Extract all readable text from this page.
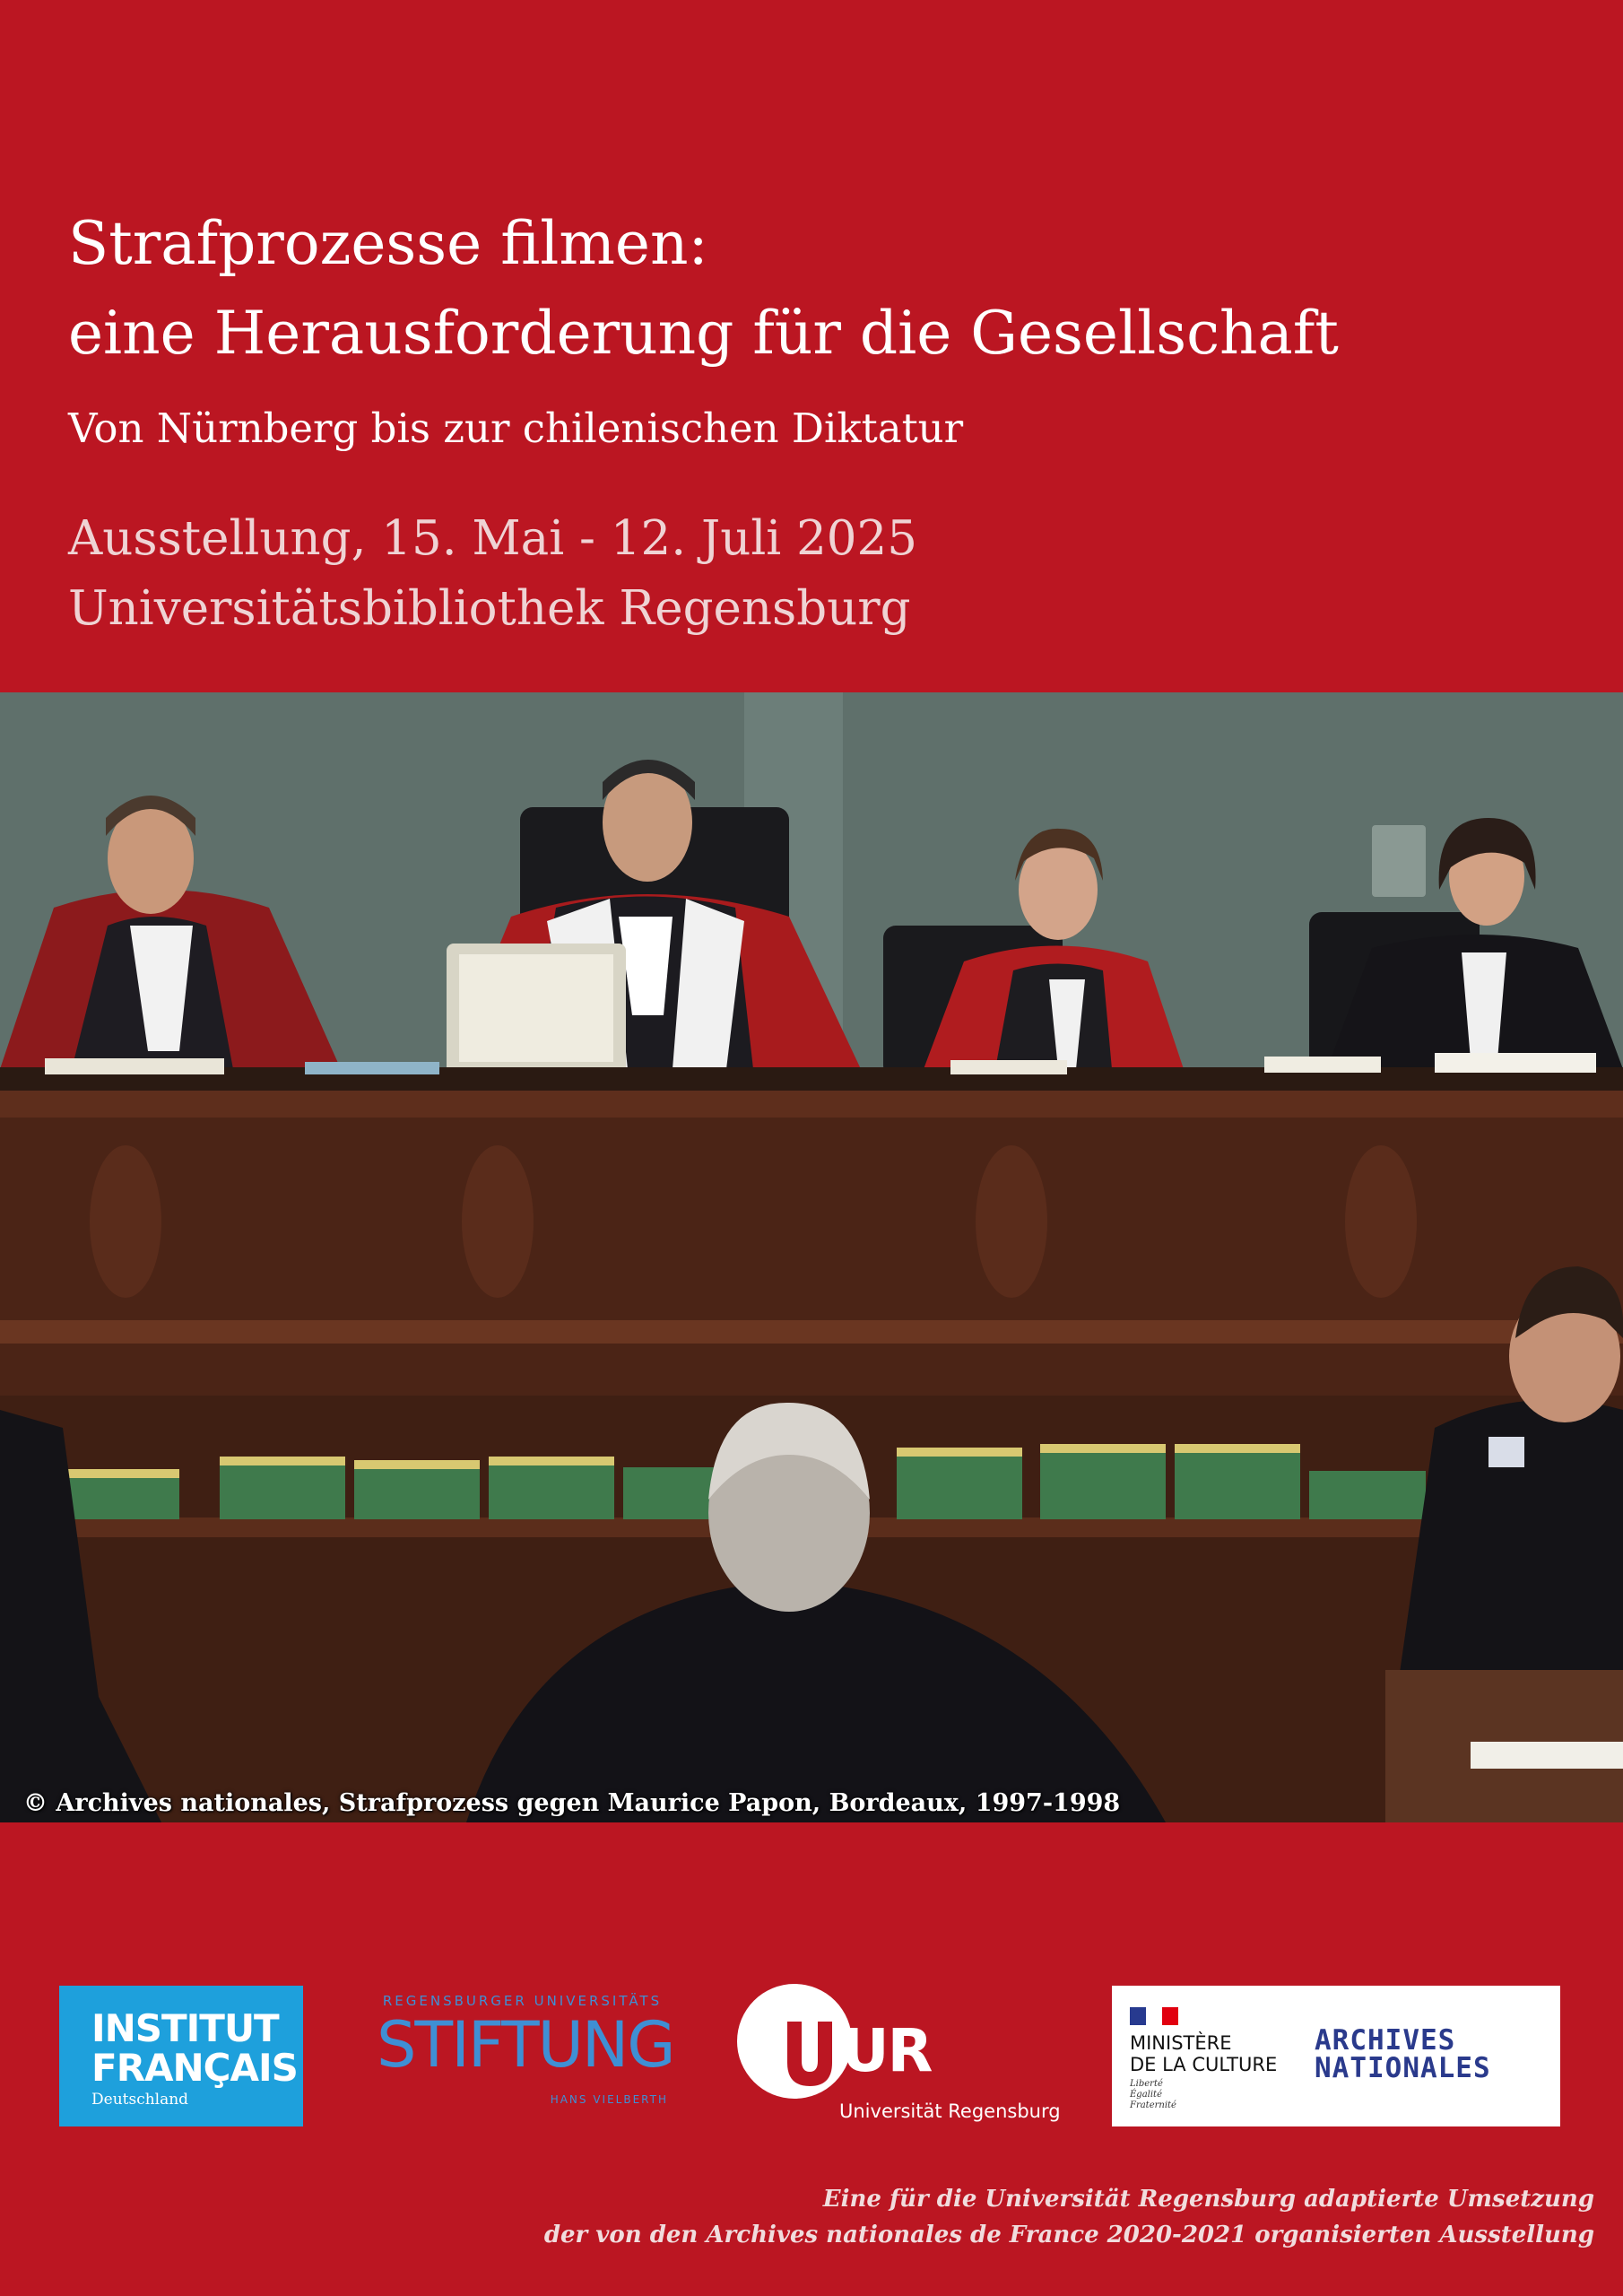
Strafprozesse filmen:
eine Herausforderung für die Gesellschaft
Von Nürnberg bis zur chilenischen Diktatur
Ausstellung, 15. Mai - 12. Juli 2025
Universitätsbibliothek Regensburg
© Archives nationales, Strafprozess gegen Maurice Papon, Bordeaux, 1997-1998
INSTITUT
FRANÇAIS
Deutschland
REGENSBURGER UNIVERSITÄTS
STIFTUNG
HANS VIELBERTH
UR
Universität Regensburg
MINISTÈRE
DE LA CULTURE
Liberté
Égalité
Fraternité
ARCHIVES
NATIONALES
Eine für die Universität Regensburg adaptierte Umsetzung
der von den Archives nationales de France 2020-2021 organisierten Ausstellung
